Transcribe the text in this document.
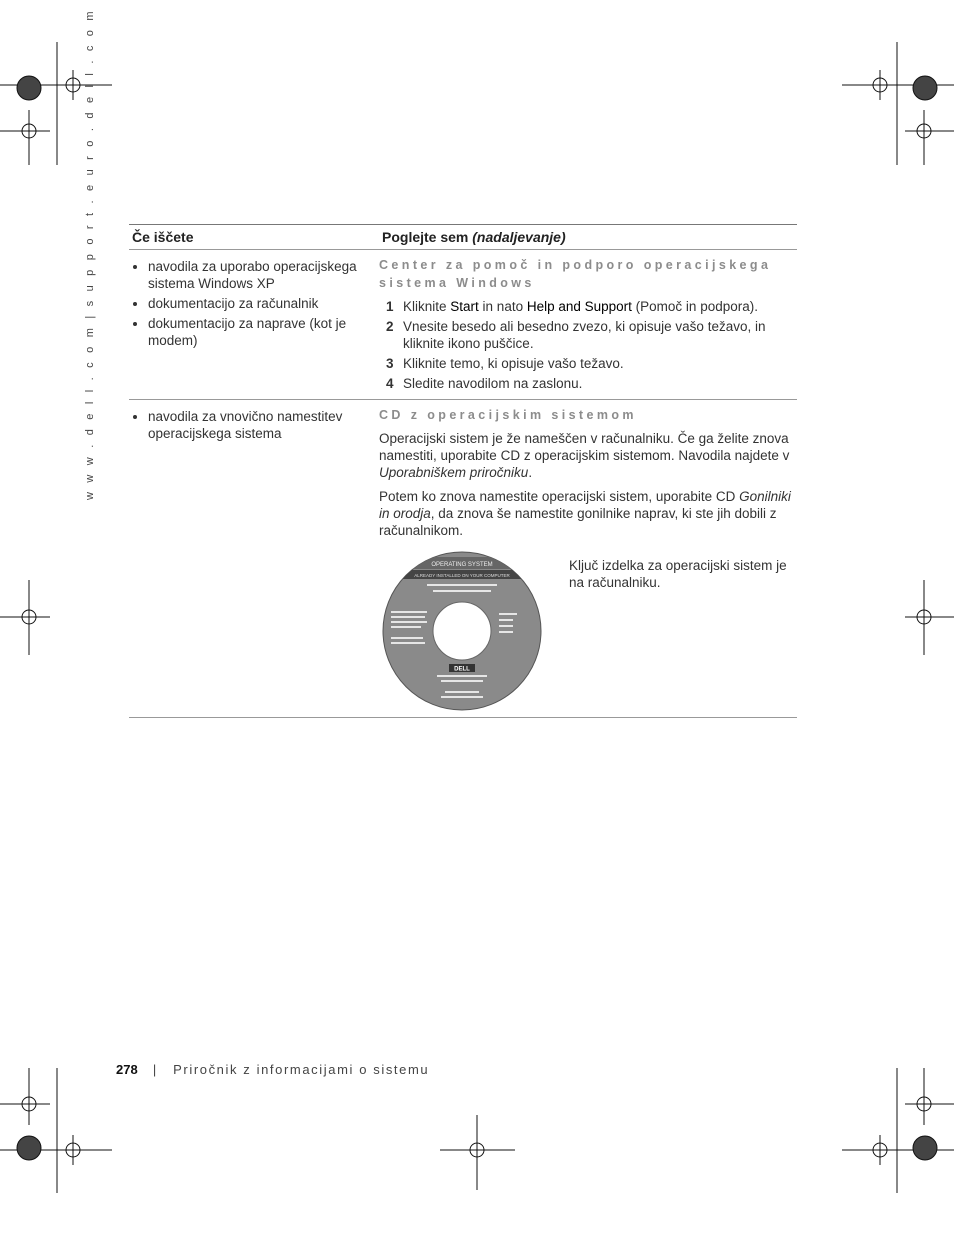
w w w . d e l l . c o m | s u p p o r t . e u r o . d e l l . c o m	Če iščete	Poglejte sem (nadaljevanje)
• navodila za uporabo operacijskega sistema Windows XP
• dokumentacijo za računalnik
• dokumentacijo za naprave (kot je modem)
Center za pomoč in podporo operacijskega sistema Windows
1 Kliknite Start in nato Help and Support (Pomoč in podpora).
2 Vnesite besedo ali besedno zvezo, ki opisuje vašo težavo, in kliknite ikono puščice.
3 Kliknite temo, ki opisuje vašo težavo.
4 Sledite navodilom na zaslonu.
• navodila za vnovično namestitev operacijskega sistema
CD z operacijskim sistemom

Operacijski sistem je že nameščen v računalniku. Če ga želite znova namestiti, uporabite CD z operacijskim sistemom. Navodila najdete v Uporabniškem priročniku.

Potem ko znova namestite operacijski sistem, uporabite CD Gonilniki in orodja, da znova še namestite gonilnike naprav, ki ste jih dobili z računalnikom.

OPERATING SYSTEM
ALREADY INSTALLED ON YOUR COMPUTER
DELL
Ključ izdelka za operacijski sistem je na računalniku.
278 | Priročnik z informacijami o sistemu
